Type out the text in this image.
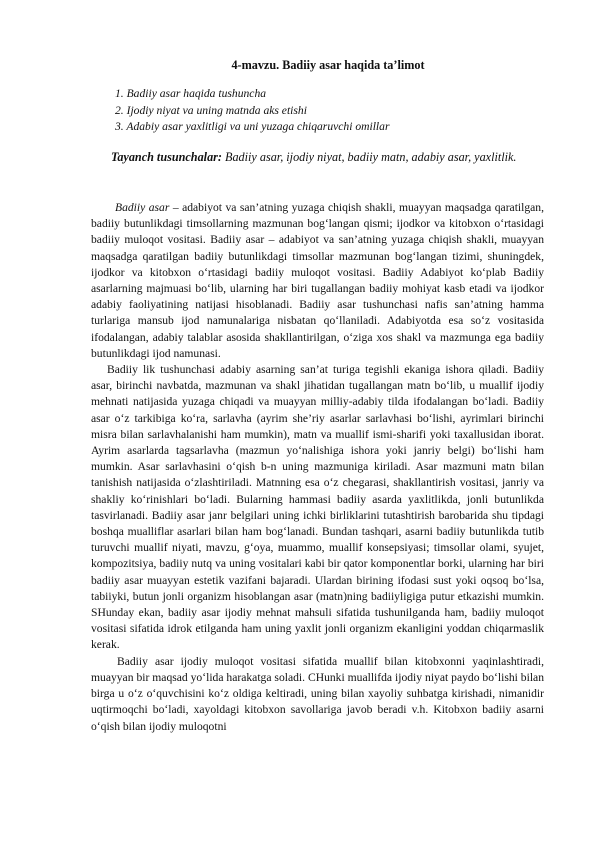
4-mavzu. Badiiy asar haqida ta’limot
1. Badiiy asar haqida tushuncha
2. Ijodiy niyat va uning matnda aks etishi
3. Adabiy asar yaxlitligi va uni yuzaga chiqaruvchi omillar
Tayanch tusunchalar: Badiiy asar, ijodiy niyat, badiiy matn, adabiy asar, yaxlitlik.

Badiiy asar – adabiyot va san’atning yuzaga chiqish shakli, muayyan maqsadga qaratilgan, badiiy butunlikdagi timsollarning mazmunan bog‘langan qismi; ijodkor va kitobxon o‘rtasidagi badiiy muloqot vositasi. Badiiy asar – adabiyot va san’atning yuzaga chiqish shakli, muayyan maqsadga qaratilgan badiiy butunlikdagi timsollar mazmunan bog‘langan tizimi, shuningdek, ijodkor va kitobxon o‘rtasidagi badiiy muloqot vositasi. Badiiy Adabiyot ko‘plab Badiiy asarlarning majmuasi bo‘lib, ularning har biri tugallangan badiiy mohiyat kasb etadi va ijodkor adabiy faoliyatining natijasi hisoblanadi. Badiiy asar tushunchasi nafis san’atning hamma turlariga mansub ijod namunalariga nisbatan qo‘llaniladi. Adabiyotda esa so‘z vositasida ifodalangan, adabiy talablar asosida shakllantirilgan, o‘ziga xos shakl va mazmunga ega badiiy butunlikdagi ijod namunasi.

Badiiy lik tushunchasi adabiy asarning san’at turiga tegishli ekaniga ishora qiladi. Badiiy asar, birinchi navbatda, mazmunan va shakl jihatidan tugallangan matn bo‘lib, u muallif ijodiy mehnati natijasida yuzaga chiqadi va muayyan milliy-adabiy tilda ifodalangan bo‘ladi. Badiiy asar o‘z tarkibiga ko‘ra, sarlavha (ayrim she’riy asarlar sarlavhasi bo‘lishi, ayrimlari birinchi misra bilan sarlavhalanishi ham mumkin), matn va muallif ismi-sharifi yoki taxallusidan iborat. Ayrim asarlarda tagsarlavha (mazmun yo‘nalishiga ishora yoki janriy belgi) bo‘lishi ham mumkin. Asar sarlavhasini o‘qish b-n uning mazmuniga kiriladi. Asar mazmuni matn bilan tanishish natijasida o‘zlashtiriladi. Matnning esa o‘z chegarasi, shakllantirish vositasi, janriy va shakliy ko‘rinishlari bo‘ladi. Bularning hammasi badiiy asarda yaxlitlikda, jonli butunlikda tasvirlanadi. Badiiy asar janr belgilari uning ichki birliklarini tutashtirish barobarida shu tipdagi boshqa mualliflar asarlari bilan ham bog‘lanadi. Bundan tashqari, asarni badiiy butunlikda tutib turuvchi muallif niyati, mavzu, g‘oya, muammo, muallif konsepsiyasi; timsollar olami, syujet, kompozitsiya, badiiy nutq va uning vositalari kabi bir qator komponentlar borki, ularning har biri badiiy asar muayyan estetik vazifani bajaradi. Ulardan birining ifodasi sust yoki oqsoq bo‘lsa, tabiiyki, butun jonli organizm hisoblangan asar (matn)ning badiiyligiga putur etkazishi mumkin. SHunday ekan, badiiy asar ijodiy mehnat mahsuli sifatida tushunilganda ham, badiiy muloqot vositasi sifatida idrok etilganda ham uning yaxlit jonli organizm ekanligini yoddan chiqarmaslik kerak.

Badiiy asar ijodiy muloqot vositasi sifatida muallif bilan kitobxonni yaqinlashtiradi, muayyan bir maqsad yo‘lida harakatga soladi. CHunki muallifda ijodiy niyat paydo bo‘lishi bilan birga u o‘z o‘quvchisini ko‘z oldiga keltiradi, uning bilan xayoliy suhbatga kirishadi, nimanidir uqtirmoqchi bo‘ladi, xayoldagi kitobxon savollariga javob beradi v.h. Kitobxon badiiy asarni o‘qish bilan ijodiy muloqotni
